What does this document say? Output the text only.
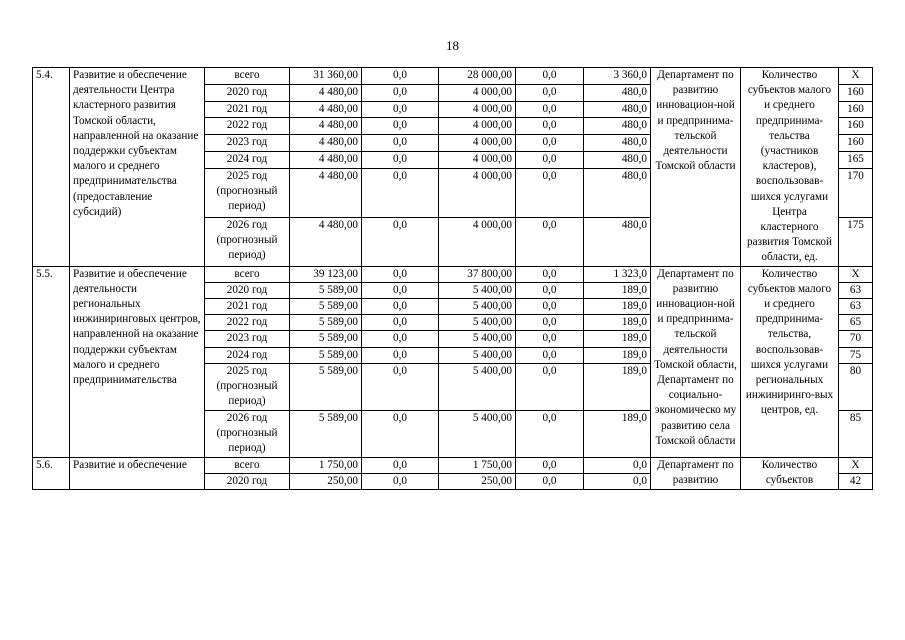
18
5.4.	Развитие и обеспечение деятельности Центра кластерного развития Томской области, направленной на оказание поддержки субъектам малого и среднего предпринимательства (предоставление субсидий)	всего	31 360,00	0,0	28 000,00	0,0	3 360,0	Департамент по развитию инновацион-ной и предпринима-тельской деятельности Томской области	Количество субъектов малого и среднего предпринима-тельства (участников кластеров), воспользовав-шихся услугами Центра кластерного развития Томской области, ед.	X
		2020 год	4 480,00	0,0	4 000,00	0,0	480,0			160
		2021 год	4 480,00	0,0	4 000,00	0,0	480,0			160
		2022 год	4 480,00	0,0	4 000,00	0,0	480,0			160
		2023 год	4 480,00	0,0	4 000,00	0,0	480,0			160
		2024 год	4 480,00	0,0	4 000,00	0,0	480,0			165
		2025 год (прогнозный период)	4 480,00	0,0	4 000,00	0,0	480,0			170
		2026 год (прогнозный период)	4 480,00	0,0	4 000,00	0,0	480,0			175
5.5.	Развитие и обеспечение деятельности региональных инжиниринговых центров, направленной на оказание поддержки субъектам малого и среднего предпринимательства	всего	39 123,00	0,0	37 800,00	0,0	1 323,0	Департамент по развитию инновацион-ной и предпринима-тельской деятельности Томской области, Департамент по социально-экономическо му развитию села Томской области	Количество субъектов малого и среднего предпринима-тельства, воспользовав-шихся услугами региональных инжиниринго-вых центров, ед.	X
		2020 год	5 589,00	0,0	5 400,00	0,0	189,0			63
		2021 год	5 589,00	0,0	5 400,00	0,0	189,0			63
		2022 год	5 589,00	0,0	5 400,00	0,0	189,0			65
		2023 год	5 589,00	0,0	5 400,00	0,0	189,0			70
		2024 год	5 589,00	0,0	5 400,00	0,0	189,0			75
		2025 год (прогнозный период)	5 589,00	0,0	5 400,00	0,0	189,0			80
		2026 год (прогнозный период)	5 589,00	0,0	5 400,00	0,0	189,0			85
5.6.	Развитие и обеспечение	всего	1 750,00	0,0	1 750,00	0,0	0,0	Департамент по развитию	Количество субъектов	X
		2020 год	250,00	0,0	250,00	0,0	0,0			42
